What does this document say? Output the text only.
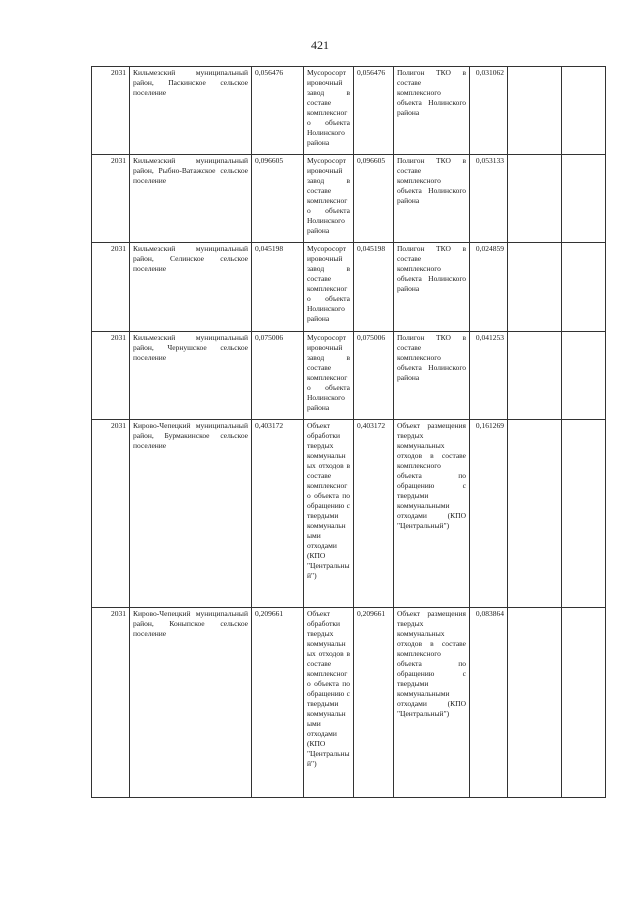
421
2031	Кильмезский муниципальный район, Паскинское сельское поселение	0,056476	Мусоросортировочный завод в составе комплексного объекта Нолинского района	0,056476	Полигон ТКО в составе комплексного объекта Нолинского района	0,031062		
2031	Кильмезский муниципальный район, Рыбно-Ватажское сельское поселение	0,096605	Мусоросортировочный завод в составе комплексного объекта Нолинского района	0,096605	Полигон ТКО в составе комплексного объекта Нолинского района	0,053133		
2031	Кильмезский муниципальный район, Селинское сельское поселение	0,045198	Мусоросортировочный завод в составе комплексного объекта Нолинского района	0,045198	Полигон ТКО в составе комплексного объекта Нолинского района	0,024859		
2031	Кильмезский муниципальный район, Чернушское сельское поселение	0,075006	Мусоросортировочный завод в составе комплексного объекта Нолинского района	0,075006	Полигон ТКО в составе комплексного объекта Нолинского района	0,041253		
2031	Кирово-Чепецкий муниципальный район, Бурмакинское сельское поселение	0,403172	Объект обработки твердых коммунальных отходов в составе комплексного объекта по обращению с твердыми коммунальными отходами (КПО "Центральный")	0,403172	Объект размещения твердых коммунальных отходов в составе комплексного объекта по обращению с твердыми коммунальными отходами (КПО "Центральный")	0,161269		
2031	Кирово-Чепецкий муниципальный район, Коныпское сельское поселение	0,209661	Объект обработки твердых коммунальных отходов в составе комплексного объекта по обращению с твердыми коммунальными отходами (КПО "Центральный")	0,209661	Объект размещения твердых коммунальных отходов в составе комплексного объекта по обращению с твердыми коммунальными отходами (КПО "Центральный")	0,083864		
